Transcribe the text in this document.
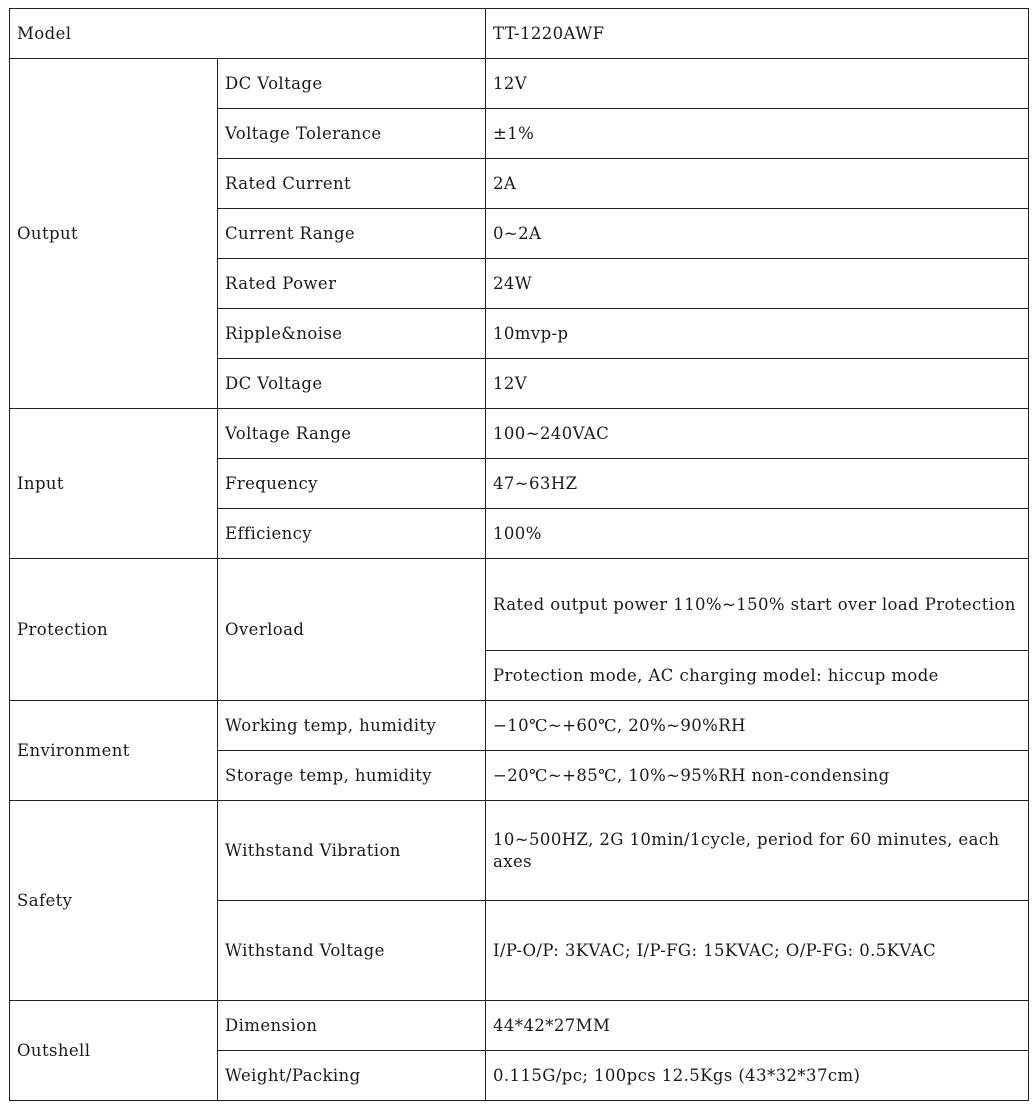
Model		TT-1220AWF
Output	DC Voltage	12V
	Voltage Tolerance	±1%
	Rated Current	2A
	Current Range	0~2A
	Rated Power	24W
	Ripple&noise	10mvp-p
	DC Voltage	12V
Input	Voltage Range	100~240VAC
	Frequency	47~63HZ
	Efficiency	100%
Protection	Overload	Rated output power 110%~150% start over load Protection
		Protection mode, AC charging model: hiccup mode
Environment	Working temp, humidity	−10℃~+60℃, 20%~90%RH
	Storage temp, humidity	−20℃~+85℃, 10%~95%RH non-condensing
Safety	Withstand Vibration	10~500HZ, 2G 10min/1cycle, period for 60 minutes, each axes
	Withstand Voltage	I/P-O/P: 3KVAC; I/P-FG: 15KVAC; O/P-FG: 0.5KVAC
Outshell	Dimension	44*42*27MM
	Weight/Packing	0.115G/pc; 100pcs 12.5Kgs (43*32*37cm)
